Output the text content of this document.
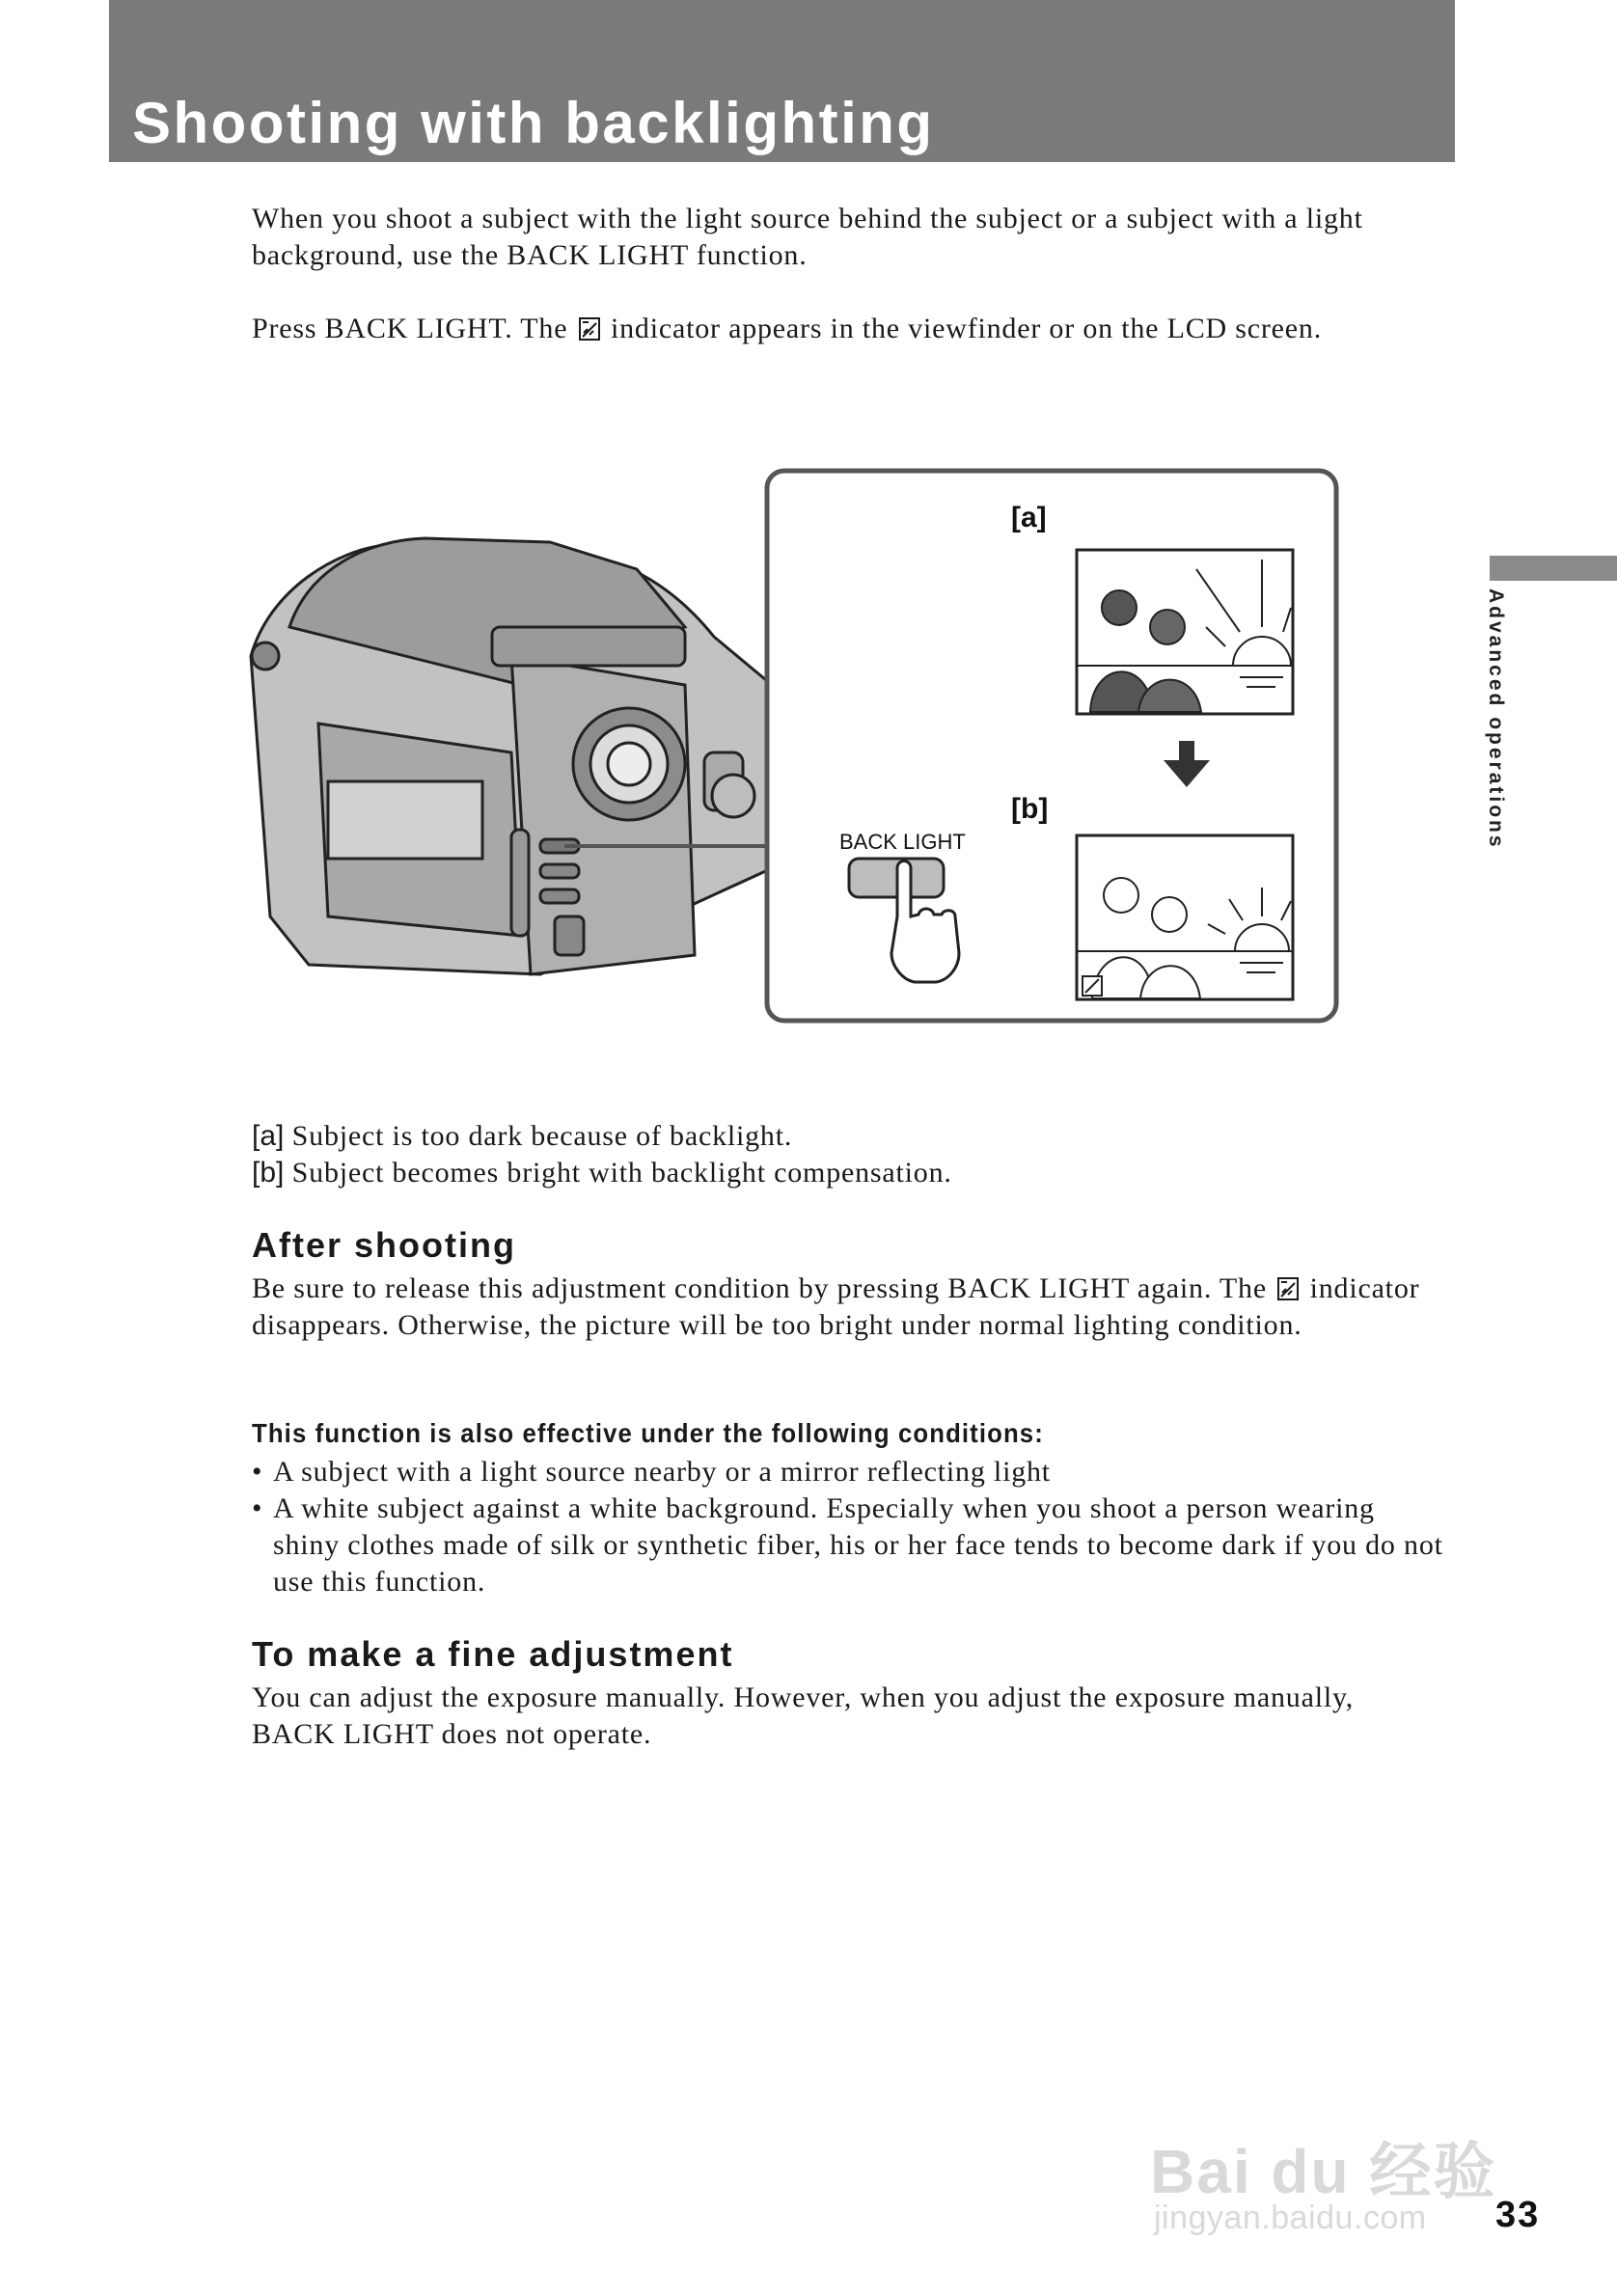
Shooting with backlighting

When you shoot a subject with the light source behind the subject or a subject with a light background, use the BACK LIGHT function.

Press BACK LIGHT. The indicator appears in the viewfinder or on the LCD screen.

[a]
[b]
BACK LIGHT

[a] Subject is too dark because of backlight.

[b] Subject becomes bright with backlight compensation.

After shooting

Be sure to release this adjustment condition by pressing BACK LIGHT again. The indicator disappears. Otherwise, the picture will be too bright under normal lighting condition.

This function is also effective under the following conditions:
• A subject with a light source nearby or a mirror reflecting light
• A white subject against a white background. Especially when you shoot a person wearing shiny clothes made of silk or synthetic fiber, his or her face tends to become dark if you do not use this function.
To make a fine adjustment

You can adjust the exposure manually. However, when you adjust the exposure manually, BACK LIGHT does not operate.

Advanced operations
Bai du 经验
jingyan.baidu.com 33
